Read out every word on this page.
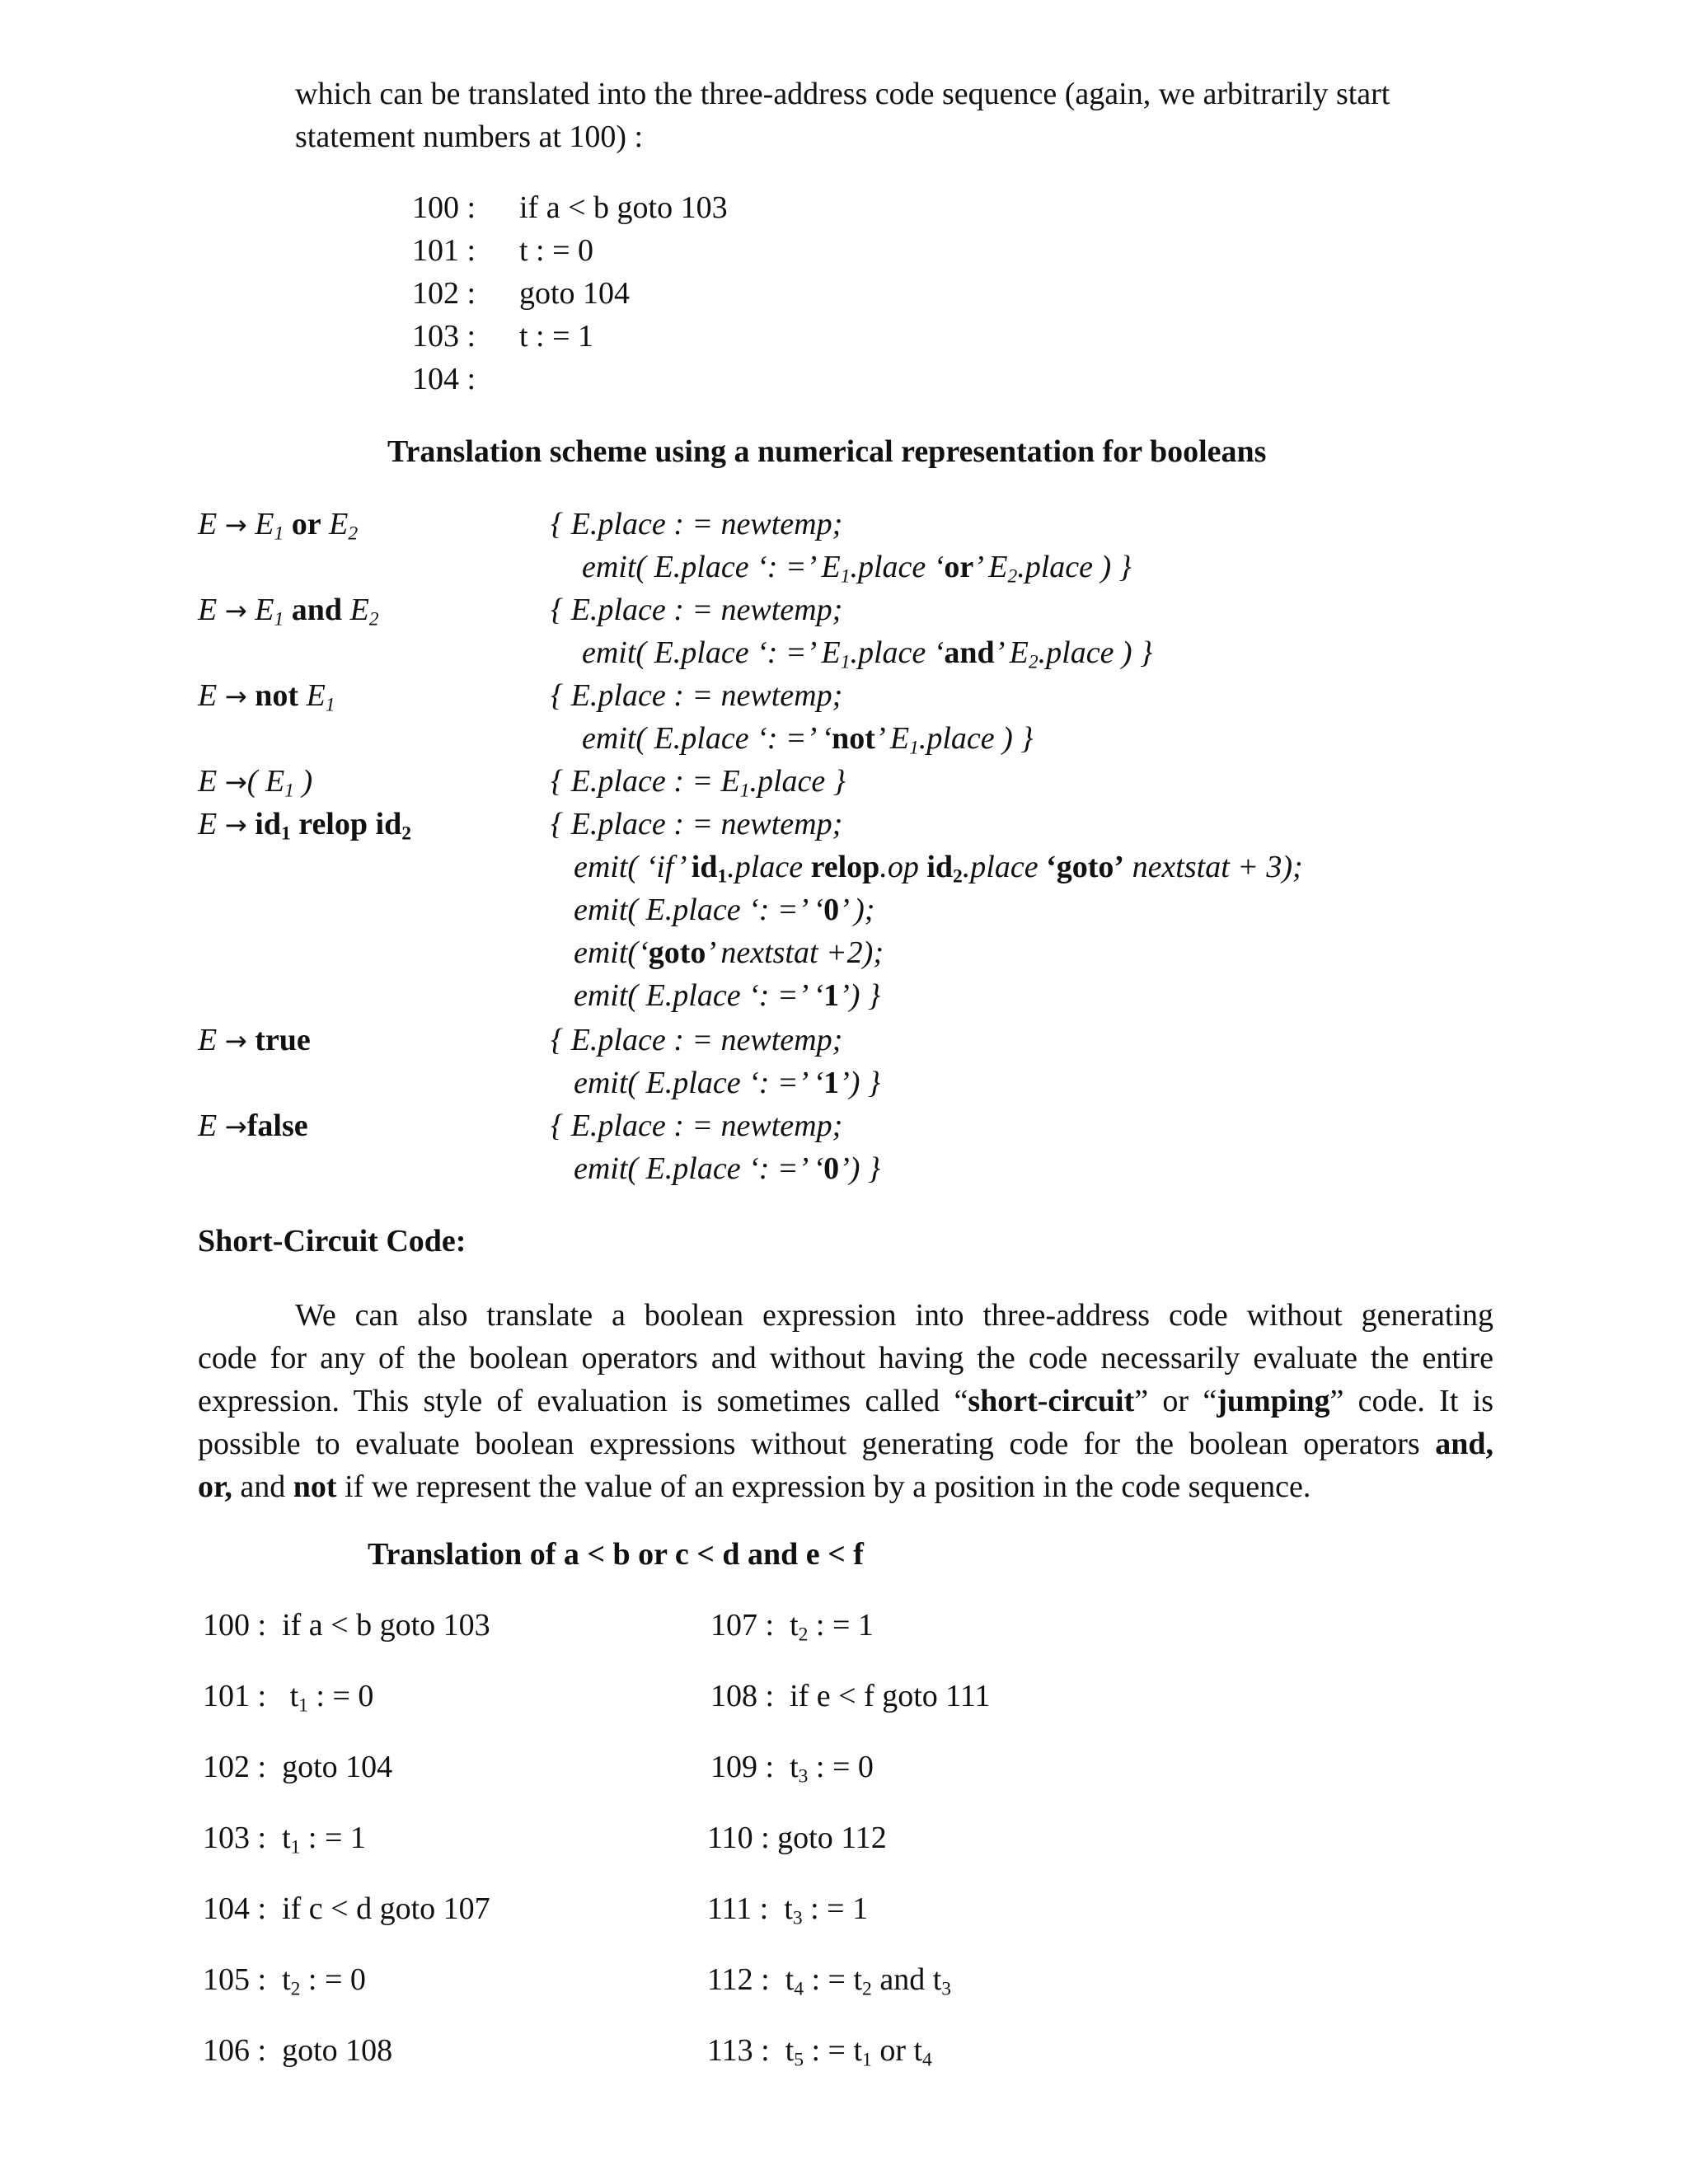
which can be translated into the three-address code sequence (again, we arbitrarily start
statement numbers at 100) :
100 : if a < b goto 103
101 : t : = 0
102 : goto 104
103 : t : = 1
104 :
Translation scheme using a numerical representation for booleans
$E \to E_1$ or $E_2$
$E \to E_1$ and $E_2$
E → not $E_1$
E →( $E_1$ )
$E \to id_1$ relop $id_2$
E → true
E →false
{ E.place : = newtemp;
emit( E.place ‘: =’ $E_1.place$ ‘or’ $E_2.place$ ) }
{ E.place : = newtemp;
emit( E.place ‘: =’ $E_1.place$ ‘and’ $E_2.place$ ) }
{ E.place : = newtemp;
emit( E.place ‘: =’ ‘not’ $E_1.place$ ) }
{ E.place : = $E_1.place$ }
{ E.place : = newtemp;
emit( ‘if’ $id_1.place$ relop.op $id_2.place$ ‘goto’ nextstat + 3);
emit( E.place ‘: =’ ‘0’ );
emit(‘goto’ nextstat +2);
emit( E.place ‘: =’ ‘1’) }
{ E.place : = newtemp;
emit( E.place ‘: =’ ‘1’) }
{ E.place : = newtemp;
emit( E.place ‘: =’ ‘0’) }
Short-Circuit Code:
We can also translate a boolean expression into three-address code without generating
code for any of the boolean operators and without having the code necessarily evaluate the entire
expression. This style of evaluation is sometimes called “short-circuit” or “jumping” code. It is
possible to evaluate boolean expressions without generating code for the boolean operators and,
or, and not if we represent the value of an expression by a position in the code sequence.
Translation of a < b or c < d and e < f
100 : if a < b goto 103
101 : $t_1$ : = 0
102 : goto 104
103 : $t_1$ : = 1
104 : if c < d goto 107
105 : $t_2$ : = 0
106 : goto 108
107 : $t_2$ : = 1
108 : if e < f goto 111
109 : $t_3$ : = 0
110 : goto 112
111 : $t_3$ : = 1
112 : $t_4$ : = $t_2$ and $t_3$
113 : $t_5$ : = $t_1$ or $t_4$
